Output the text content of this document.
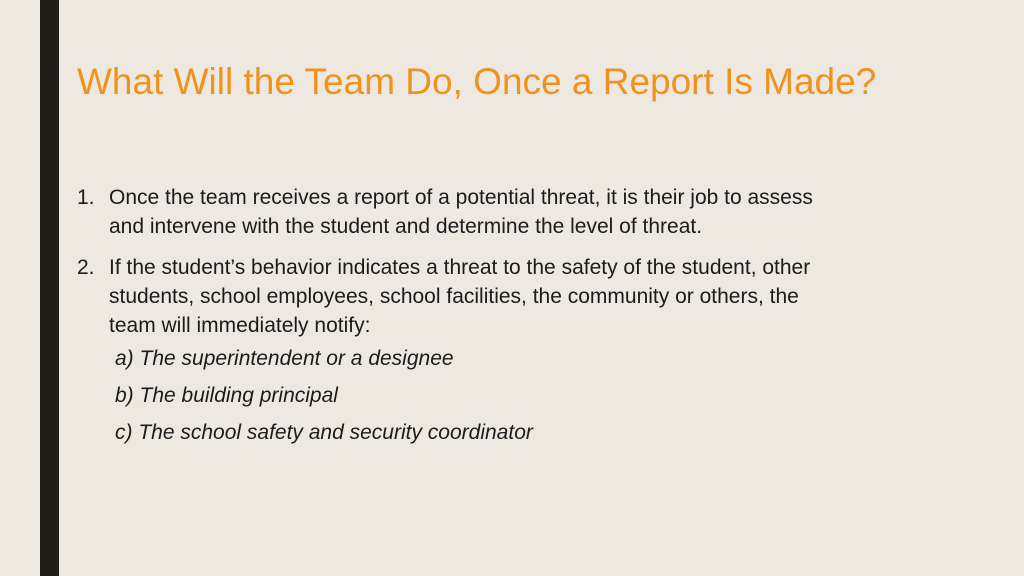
What Will the Team Do, Once a Report Is Made?
1. Once the team receives a report of a potential threat, it is their job to assess and intervene with the student and determine the level of threat.
2. If the student’s behavior indicates a threat to the safety of the student, other students, school employees, school facilities, the community or others, the team will immediately notify:
a) The superintendent or a designee
b) The building principal
c) The school safety and security coordinator
